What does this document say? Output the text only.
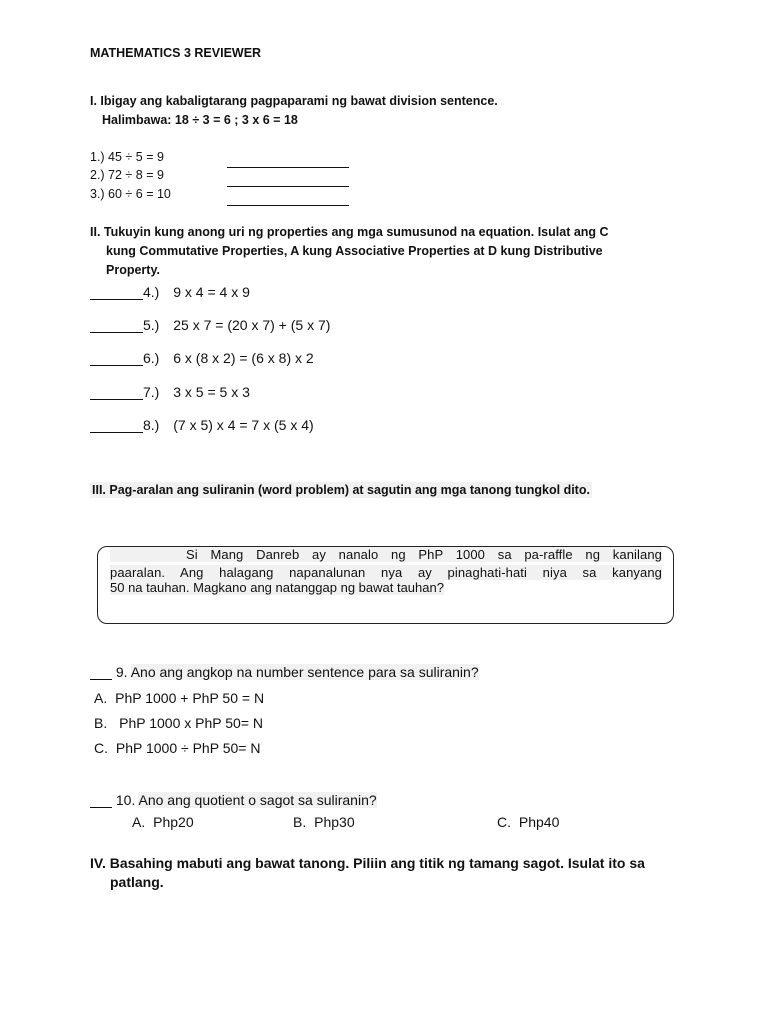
MATHEMATICS 3 REVIEWER
I. Ibigay ang kabaligtarang pagpaparami ng bawat division sentence.
Halimbawa: 18 ÷ 3 = 6 ; 3 x 6 = 18
1.) 45 ÷ 5 = 9
2.) 72 ÷ 8 = 9
3.) 60 ÷ 6 = 10
II. Tukuyin kung anong uri ng properties ang mga sumusunod na equation. Isulat ang C
kung Commutative Properties, A kung Associative Properties at D kung Distributive
Property.
4.) 9 x 4 = 4 x 9
5.) 25 x 7 = (20 x 7) + (5 x 7)
6.) 6 x (8 x 2) = (6 x 8) x 2
7.) 3 x 5 = 5 x 3
8.) (7 x 5) x 4 = 7 x (5 x 4)
III. Pag-aralan ang suliranin (word problem) at sagutin ang mga tanong tungkol dito.
Si Mang Danreb ay nanalo ng PhP 1000 sa pa-raffle ng kanilang
paaralan. Ang halagang napanalunan nya ay pinaghati-hati niya sa kanyang
50 na tauhan. Magkano ang natanggap ng bawat tauhan?
9. Ano ang angkop na number sentence para sa suliranin?
A. PhP 1000 + PhP 50 = N
B. PhP 1000 x PhP 50= N
C. PhP 1000 ÷ PhP 50= N
10. Ano ang quotient o sagot sa suliranin?
A. Php20	B. Php30	C. Php40
IV. Basahing mabuti ang bawat tanong. Piliin ang titik ng tamang sagot. Isulat ito sa
patlang.
